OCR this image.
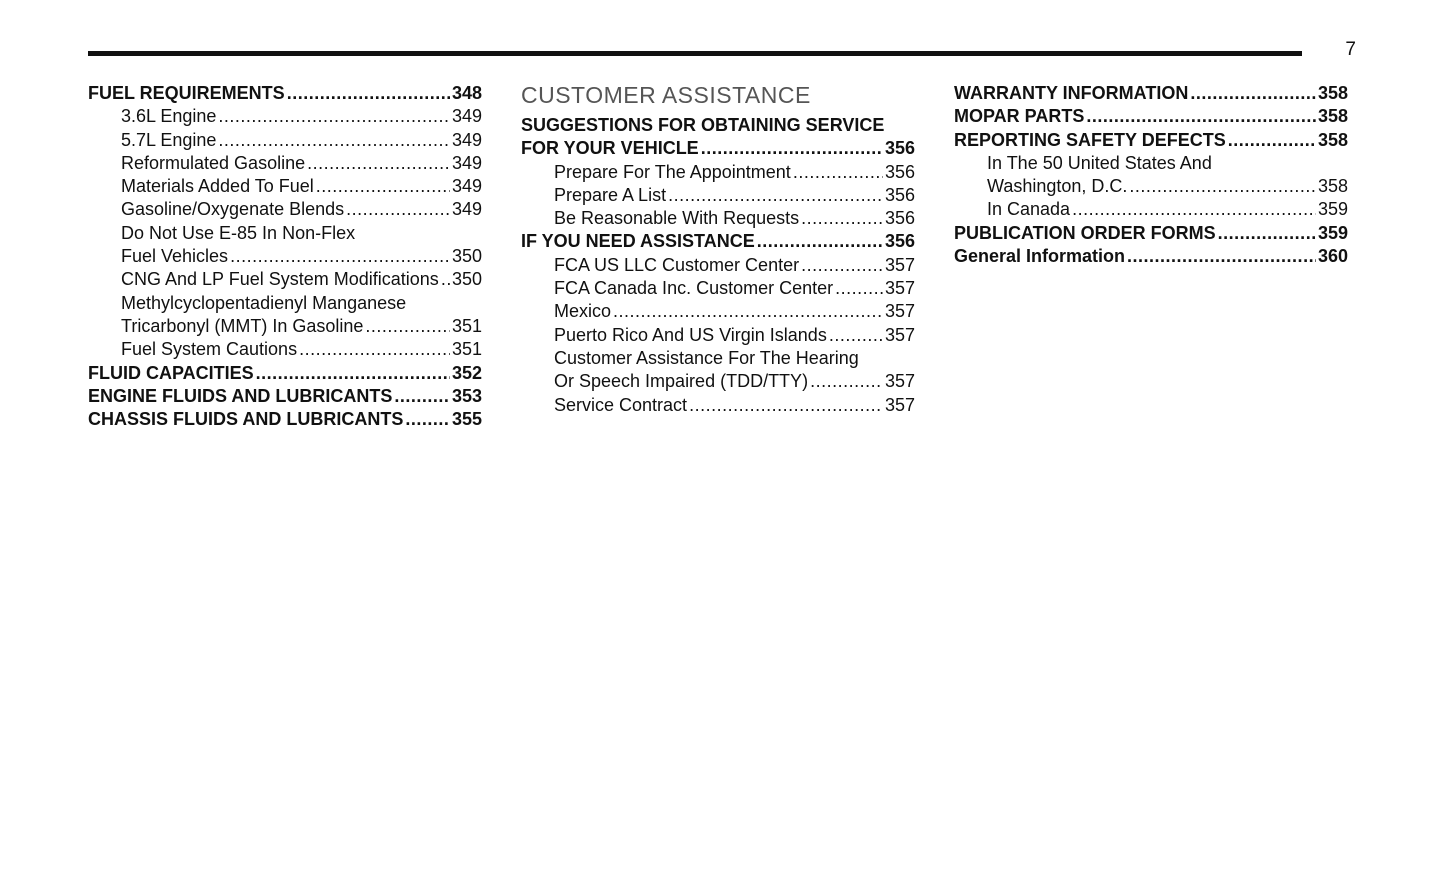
7
FUEL REQUIREMENTS .....	348
3.6L Engine .....	349
5.7L Engine .....	349
Reformulated Gasoline .....	349
Materials Added To Fuel .....	349
Gasoline/Oxygenate Blends .....	349
Do Not Use E-85 In Non-Flex
Fuel Vehicles .....	350
CNG And LP Fuel System Modifications ..... 350
Methylcyclopentadienyl Manganese
Tricarbonyl (MMT) In Gasoline .....	351
Fuel System Cautions .....	351
FLUID CAPACITIES .....	352
ENGINE FLUIDS AND LUBRICANTS .....	353
CHASSIS FLUIDS AND LUBRICANTS .....	355
CUSTOMER ASSISTANCE
SUGGESTIONS FOR OBTAINING SERVICE
FOR YOUR VEHICLE .....	356
Prepare For The Appointment .....	356
Prepare A List .....	356
Be Reasonable With Requests .....	356
IF YOU NEED ASSISTANCE .....	356
FCA US LLC Customer Center .....	357
FCA Canada Inc. Customer Center .....	357
Mexico .....	357
Puerto Rico And US Virgin Islands .....	357
Customer Assistance For The Hearing
Or Speech Impaired (TDD/TTY) .....	357
Service Contract .....	357
WARRANTY INFORMATION .....	358
MOPAR PARTS .....	358
REPORTING SAFETY DEFECTS .....	358
In The 50 United States And
Washington, D.C. .....	358
In Canada .....	359
PUBLICATION ORDER FORMS .....	359
General Information .....	360
